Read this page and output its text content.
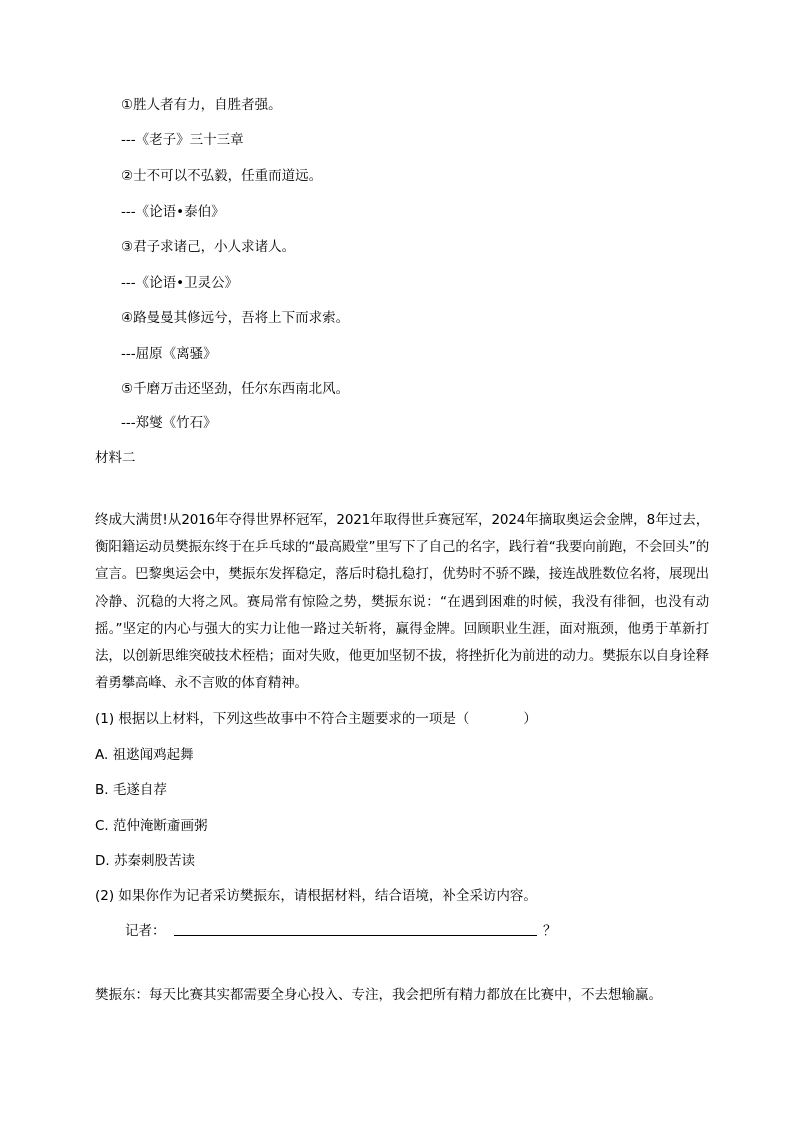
①胜人者有力，自胜者强。
---《老子》三十三章
②士不可以不弘毅，任重而道远。
---《论语•泰伯》
③君子求诸己，小人求诸人。
---《论语•卫灵公》
④路曼曼其修远兮，吾将上下而求索。
---屈原《离骚》
⑤千磨万击还坚劲，任尔东西南北风。
---郑燮《竹石》
材料二
终成大满贯!从2016年夺得世界杯冠军，2021年取得世乒赛冠军，2024年摘取奥运会金牌，8年过去，衡阳籍运动员樊振东终于在乒乓球的“最高殿堂”里写下了自己的名字，践行着“我要向前跑，不会回头”的宣言。巴黎奥运会中，樊振东发挥稳定，落后时稳扎稳打，优势时不骄不躁，接连战胜数位名将，展现出冷静、沉稳的大将之风。赛局常有惊险之势，樊振东说：“在遇到困难的时候，我没有徘徊，也没有动摇。”坚定的内心与强大的实力让他一路过关斩将，赢得金牌。回顾职业生涯，面对瓶颈，他勇于革新打法，以创新思维突破技术桎梏；面对失败，他更加坚韧不拔，将挫折化为前进的动力。樊振东以自身诠释着勇攀高峰、永不言败的体育精神。
(1) 根据以上材料，下列这些故事中不符合主题要求的一项是（　　　　）
A. 祖逖闻鸡起舞
B. 毛遂自荐
C. 范仲淹断齑画粥
D. 苏秦刺股苦读
(2) 如果你作为记者采访樊振东，请根据材料，结合语境，补全采访内容。
记者：	？
樊振东：每天比赛其实都需要全身心投入、专注，我会把所有精力都放在比赛中，不去想输赢。
